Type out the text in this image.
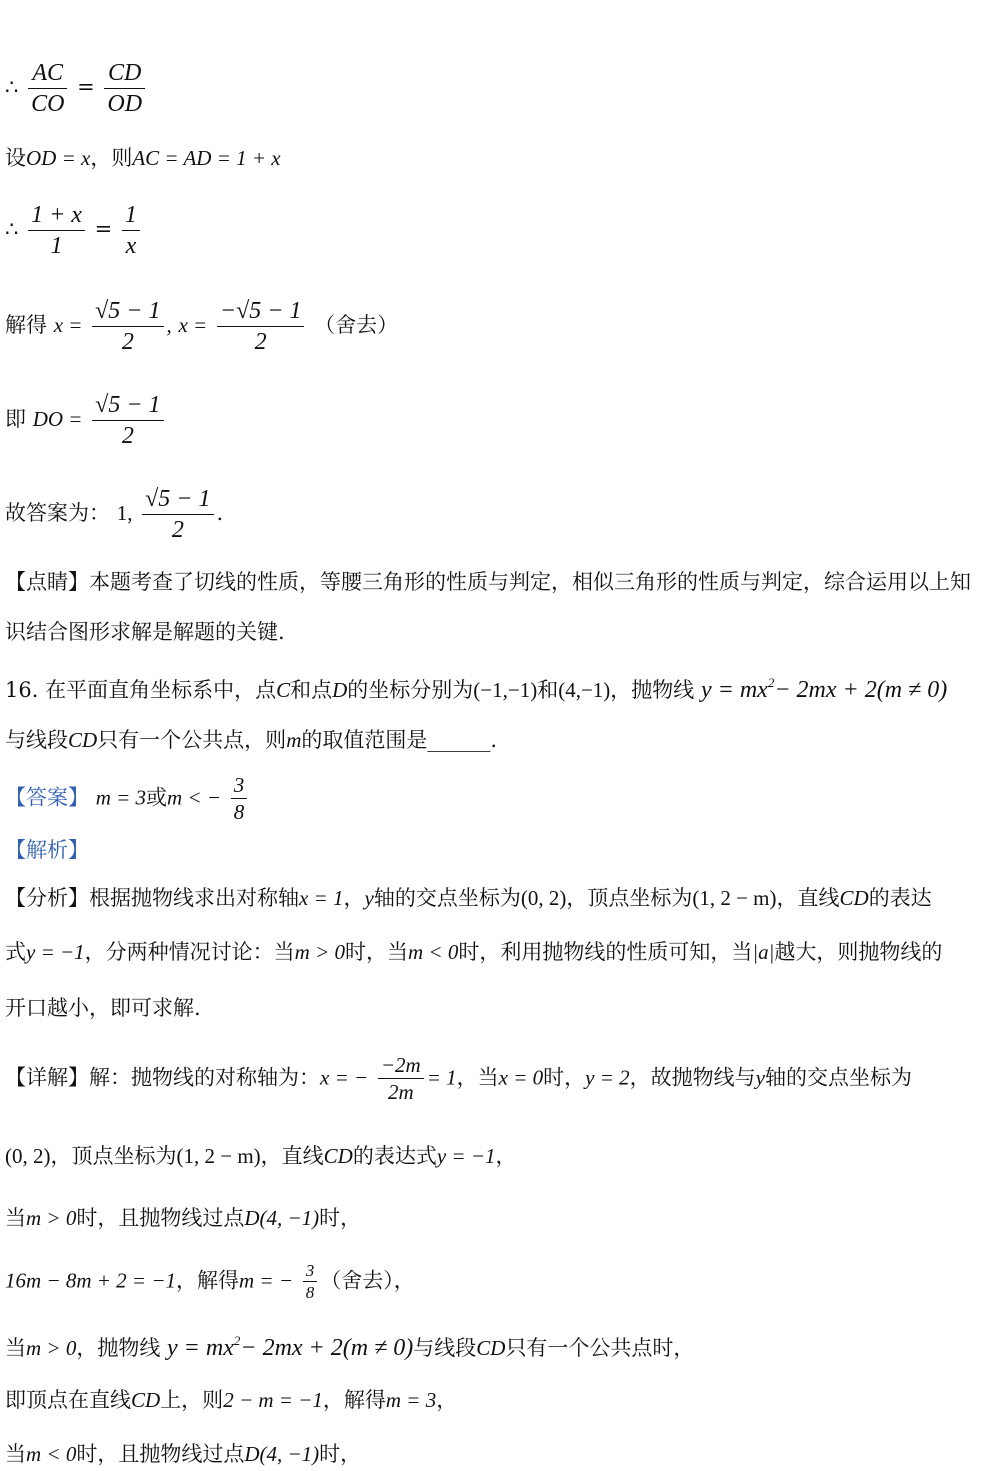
∴ $\frac{AC}{CO} = \frac{CD}{OD}$
设OD = x，则AC = AD = 1 + x
∴ $\frac{1 + x}{1} = \frac{1}{x}$
解得 $x = \frac{√5 - 1}{2}$ , $x = \frac{-√5 - 1}{2}$ （舍去）
即 DO = $\frac{√5 - 1}{2}$
故答案为： 1, $\frac{√5 - 1}{2}$ .
【点睛】本题考查了切线的性质，等腰三角形的性质与判定，相似三角形的性质与判定，综合运用以上知
识结合图形求解是解题的关键.
16. 在平面直角坐标系中，点C和点D的坐标分别为(−1,−1)和(4,−1)，抛物线 $y = mx^2- 2mx + 2(m \ne 0)$
与线段CD只有一个公共点，则m的取值范围是______.
【答案】 m = 3或m < − $\frac{3}{8}$
【解析】
【分析】根据抛物线求出对称轴x = 1，y轴的交点坐标为(0, 2)，顶点坐标为(1, 2 − m)，直线CD的表达
式y = −1，分两种情况讨论：当m > 0时，当m < 0时，利用抛物线的性质可知，当|a|越大，则抛物线的
开口越小，即可求解.
【详解】解：抛物线的对称轴为：x = − $\frac{-2m}{2m} = 1$，当x = 0时，y = 2，故抛物线与y轴的交点坐标为
(0, 2)，顶点坐标为(1, 2 − m)，直线CD的表达式y = −1，
当m > 0时，且抛物线过点D(4, −1)时，
16m − 8m + 2 = −1，解得m = − $\frac{3}{8}$ （舍去），
当m > 0，抛物线 $y = mx^2- 2mx + 2(m \ne 0)$与线段CD只有一个公共点时，
即顶点在直线CD上，则2 − m = −1，解得m = 3，
当m < 0时，且抛物线过点D(4, −1)时，
